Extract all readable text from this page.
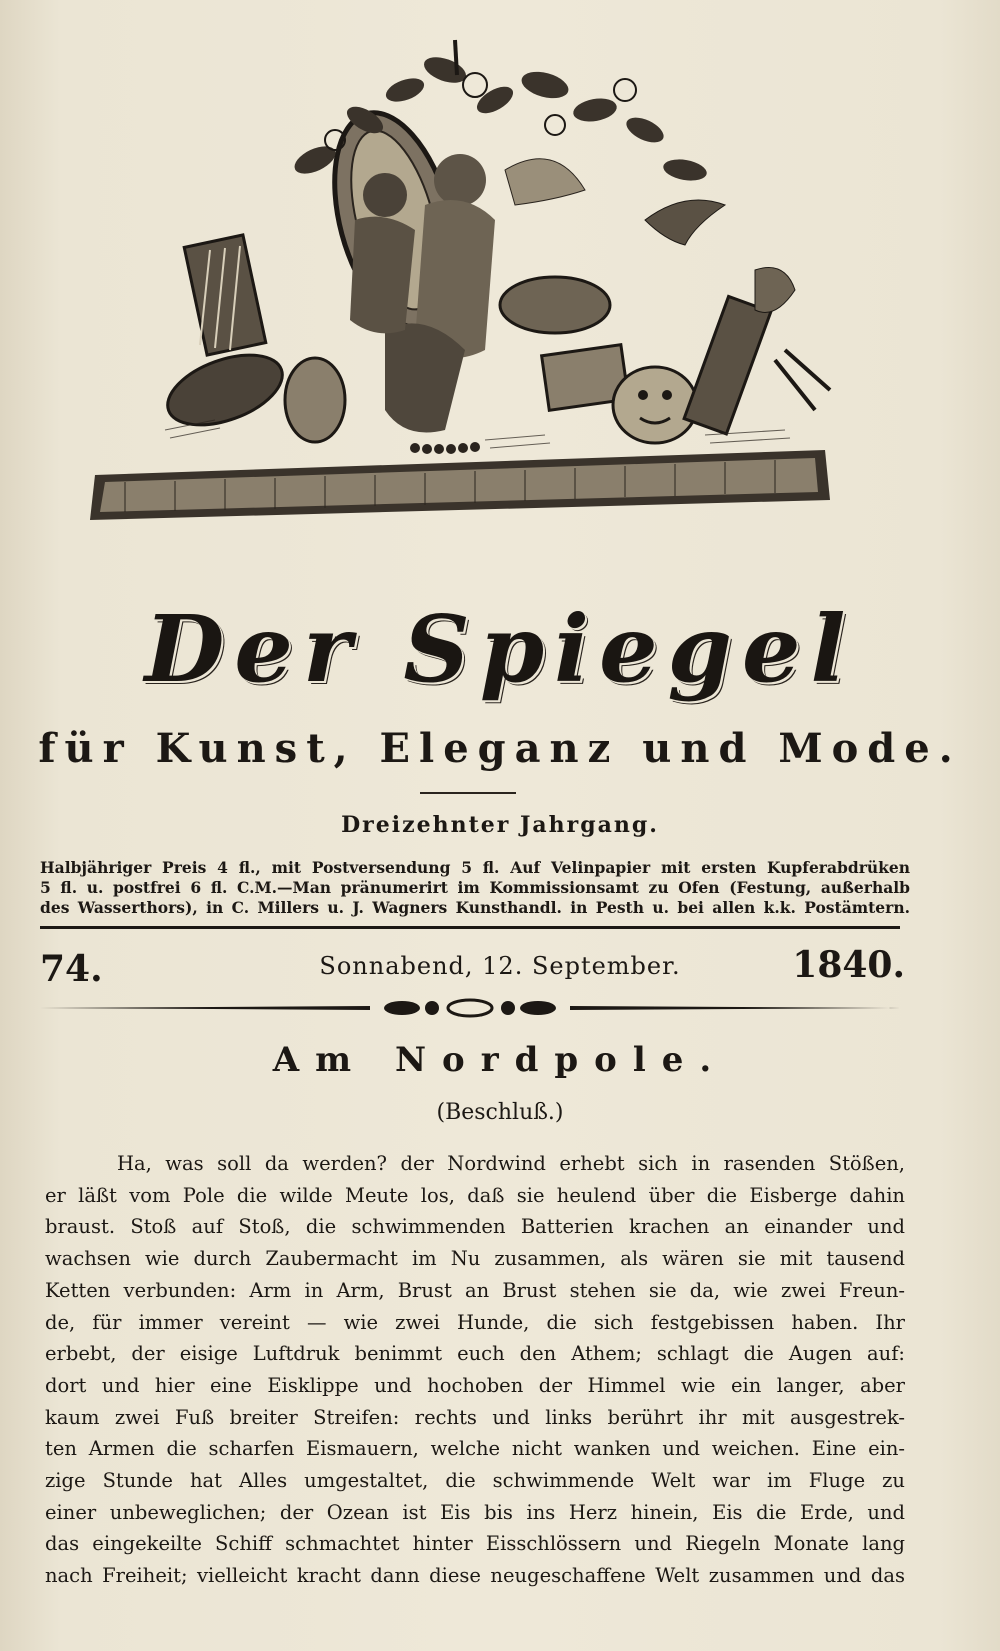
Der Spiegel
für Kunst, Eleganz und Mode.
Dreizehnter Jahrgang.
Halbjähriger Preis 4 fl., mit Postversendung 5 fl. Auf Velinpapier mit ersten Kupferabdrüken
5 fl. u. postfrei 6 fl. C.M.—Man pränumerirt im Kommissionsamt zu Ofen (Festung, außerhalb
des Wasserthors), in C. Millers u. J. Wagners Kunsthandl. in Pesth u. bei allen k.k. Postämtern.
74.	Sonnabend, 12. September.	1840.
Am Nordpole.
(Beschluß.)
Ha, was soll da werden? der Nordwind erhebt sich in rasenden Stößen,
er läßt vom Pole die wilde Meute los, daß sie heulend über die Eisberge dahin
braust. Stoß auf Stoß, die schwimmenden Batterien krachen an einander und
wachsen wie durch Zaubermacht im Nu zusammen, als wären sie mit tausend
Ketten verbunden: Arm in Arm, Brust an Brust stehen sie da, wie zwei Freun-
de, für immer vereint — wie zwei Hunde, die sich festgebissen haben. Ihr
erbebt, der eisige Luftdruk benimmt euch den Athem; schlagt die Augen auf:
dort und hier eine Eisklippe und hochoben der Himmel wie ein langer, aber
kaum zwei Fuß breiter Streifen: rechts und links berührt ihr mit ausgestrek-
ten Armen die scharfen Eismauern, welche nicht wanken und weichen. Eine ein-
zige Stunde hat Alles umgestaltet, die schwimmende Welt war im Fluge zu
einer unbeweglichen; der Ozean ist Eis bis ins Herz hinein, Eis die Erde, und
das eingekeilte Schiff schmachtet hinter Eisschlössern und Riegeln Monate lang
nach Freiheit; vielleicht kracht dann diese neugeschaffene Welt zusammen und das
